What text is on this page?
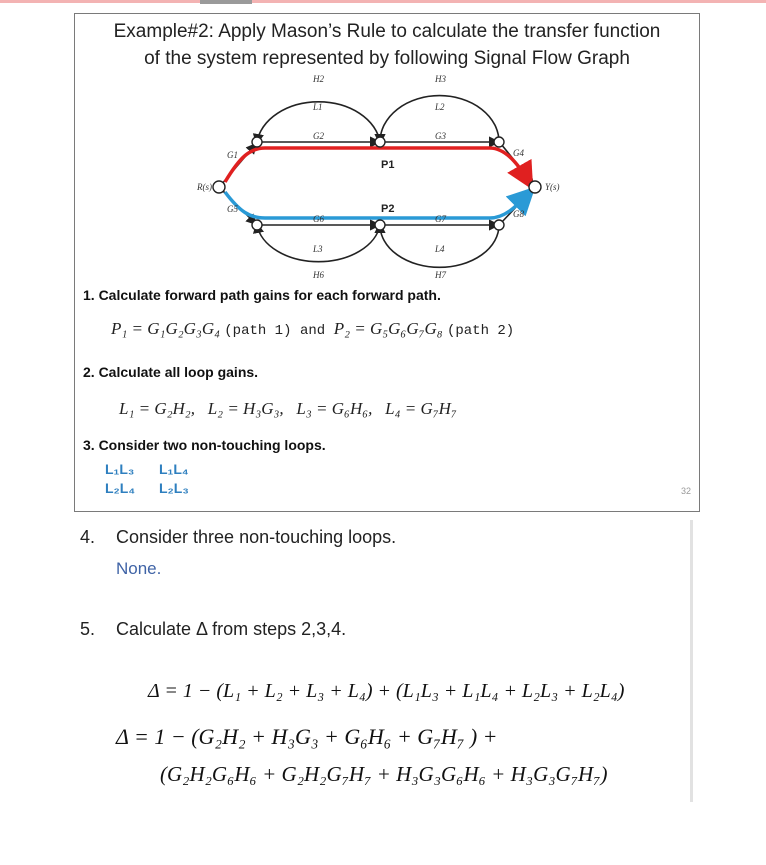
Example#2: Apply Mason’s Rule to calculate the transfer function
of the system represented by following Signal Flow Graph
R(s)	Y(s)
G1
G2	G3
G4
G5
G6	G7	G8
H2	H3
H6	H7
L1	L2
L3	L4
P1
P2
1. Calculate forward path gains for each forward path.
P₁ = G₁G₂G₃G₄ (path 1) and P₂ = G₅G₆G₇G₈ (path 2)
2. Calculate all loop gains.
L₁ = G₂H₂,   L₂ = H₃G₃,   L₃ = G₆H₆,   L₄ = G₇H₇
3. Consider two non-touching loops.
L₁L₃ L₁L₄
L₂L₄ L₂L₃	32
4. Consider three non-touching loops.
None.
5. Calculate Δ from steps 2,3,4.
Δ = 1 − (L₁ + L₂ + L₃ + L₄) + (L₁L₃ + L₁L₄ + L₂L₃ + L₂L₄)
Δ = 1 − (G₂H₂ + H₃G₃ + G₆H₆ + G₇H₇ ) +
(G₂H₂G₆H₆ + G₂H₂G₇H₇ + H₃G₃G₆H₆ + H₃G₃G₇H₇)
